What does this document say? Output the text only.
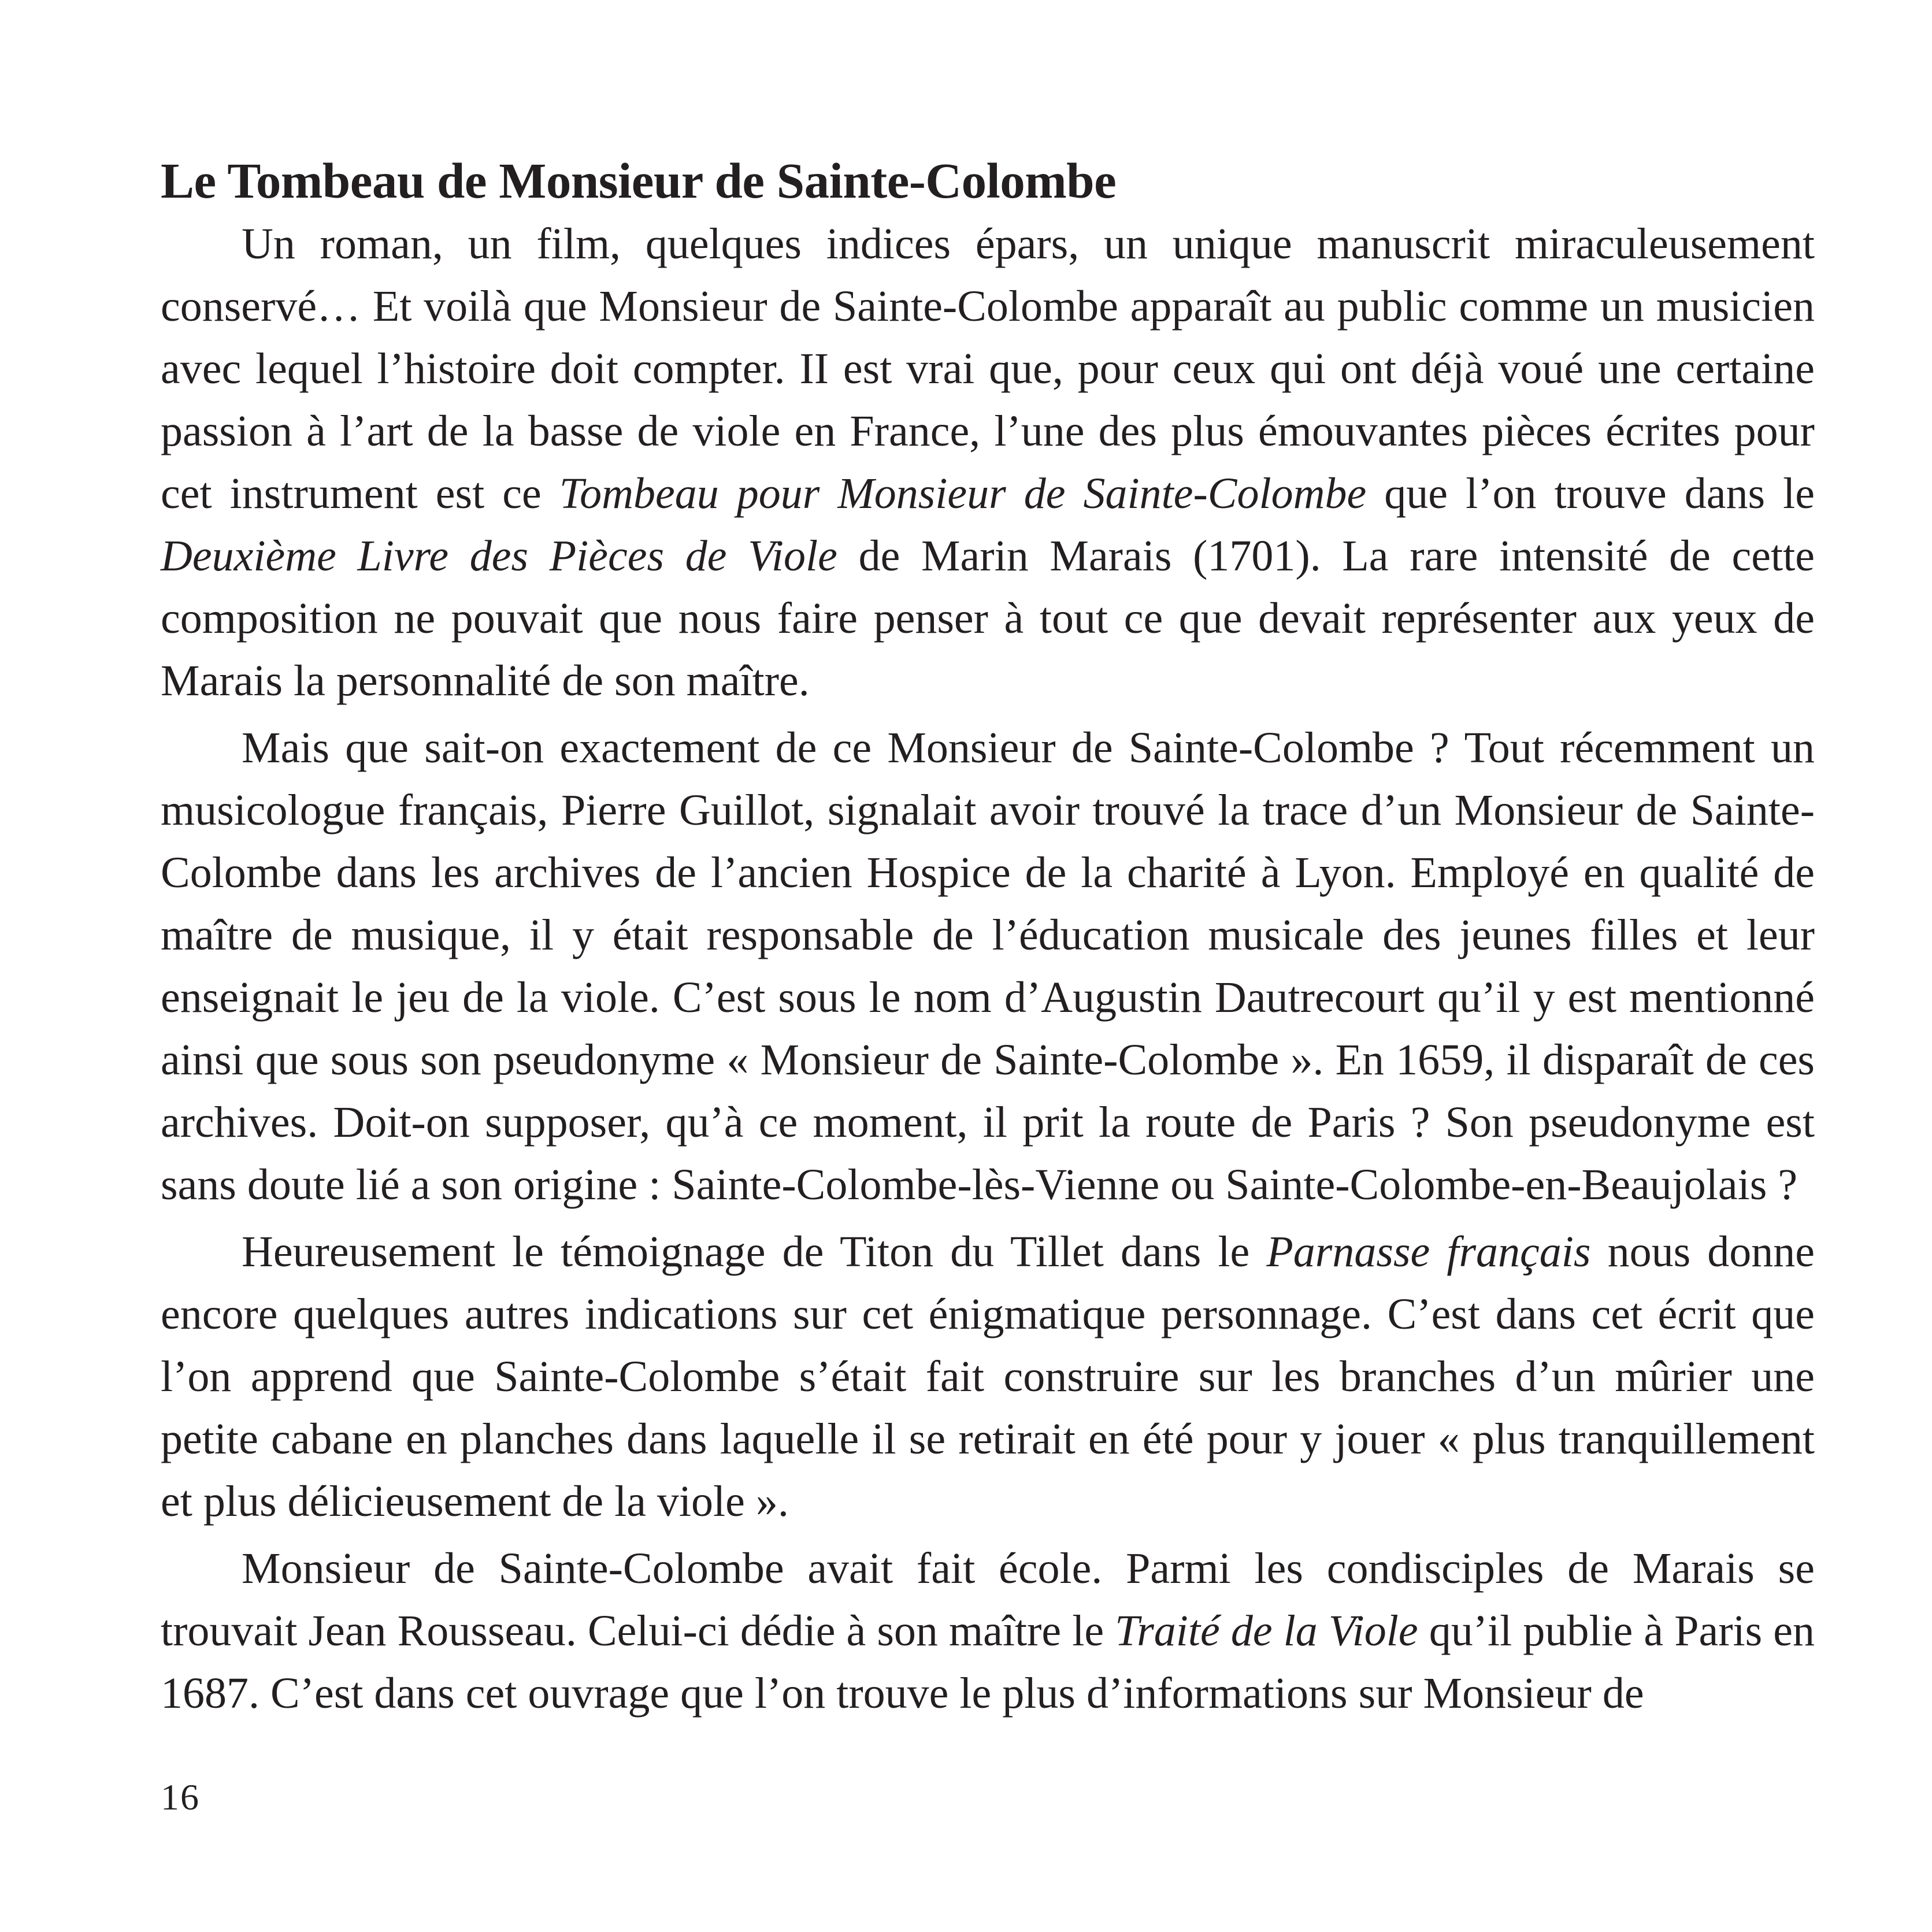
Le Tombeau de Monsieur de Sainte-Colombe

Un roman, un film, quelques indices épars, un unique manuscrit miraculeusement conservé… Et voilà que Monsieur de Sainte-Colombe apparaît au public comme un musicien avec lequel l’histoire doit compter. II est vrai que, pour ceux qui ont déjà voué une certaine passion à l’art de la basse de viole en France, l’une des plus émouvantes pièces écrites pour cet instrument est ce Tombeau pour Monsieur de Sainte-Colombe que l’on trouve dans le Deuxième Livre des Pièces de Viole de Marin Marais (1701). La rare intensité de cette composition ne pouvait que nous faire penser à tout ce que devait représenter aux yeux de Marais la personnalité de son maître.

Mais que sait-on exactement de ce Monsieur de Sainte-Colombe ? Tout récemment un musicologue français, Pierre Guillot, signalait avoir trouvé la trace d’un Monsieur de Sainte- Colombe dans les archives de l’ancien Hospice de la charité à Lyon. Employé en qualité de maître de musique, il y était responsable de l’éducation musicale des jeunes filles et leur enseignait le jeu de la viole. C’est sous le nom d’Augustin Dautrecourt qu’il y est mentionné ainsi que sous son pseudonyme « Monsieur de Sainte-Colombe ». En 1659, il disparaît de ces archives. Doit-on supposer, qu’à ce moment, il prit la route de Paris ? Son pseudonyme est sans doute lié a son origine : Sainte-Colombe-lès-Vienne ou Sainte-Colombe-en-Beaujolais ?

Heureusement le témoignage de Titon du Tillet dans le Parnasse français nous donne encore quelques autres indications sur cet énigmatique personnage. C’est dans cet écrit que l’on apprend que Sainte-Colombe s’était fait construire sur les branches d’un mûrier une petite cabane en planches dans laquelle il se retirait en été pour y jouer « plus tranquillement et plus délicieusement de la viole ».

Monsieur de Sainte-Colombe avait fait école. Parmi les condisciples de Marais se trouvait Jean Rousseau. Celui-ci dédie à son maître le Traité de la Viole qu’il publie à Paris en 1687. C’est dans cet ouvrage que l’on trouve le plus d’informations sur Monsieur de

16
